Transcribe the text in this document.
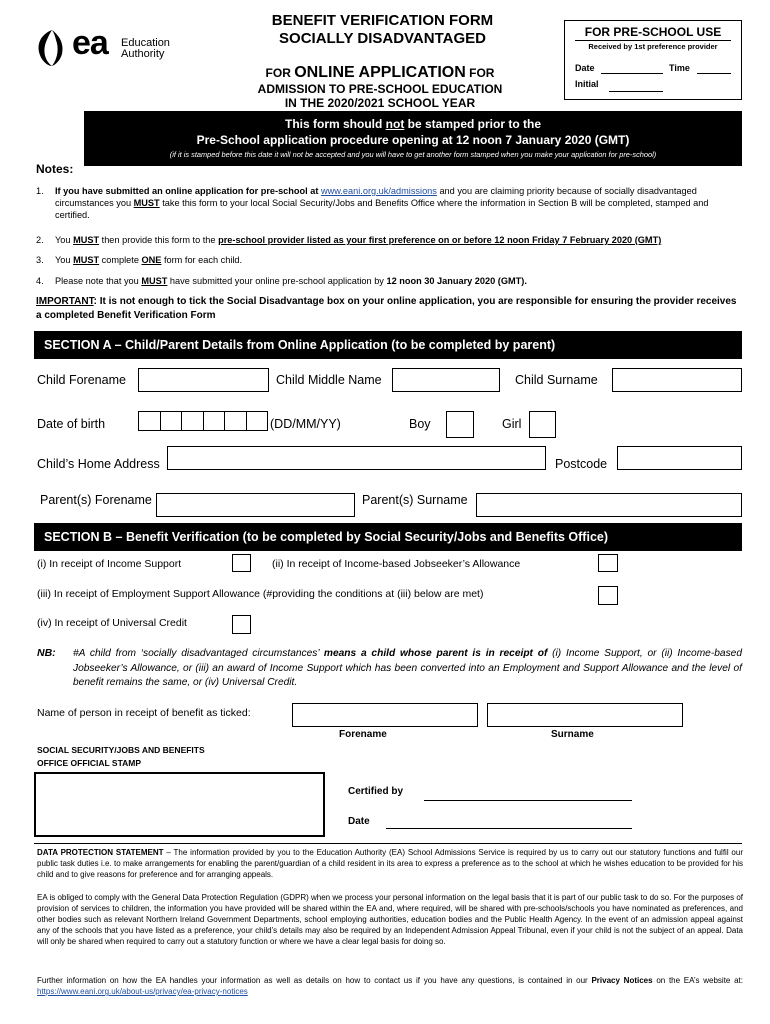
ea Education
Authority
BENEFIT VERIFICATION FORM
SOCIALLY DISADVANTAGED
FOR ONLINE APPLICATION FOR
ADMISSION TO PRE-SCHOOL EDUCATION
IN THE 2020/2021 SCHOOL YEAR
FOR PRE-SCHOOL USE
Received by 1st preference provider
Date	Time
Initial
This form should not be stamped prior to the
Pre-School application procedure opening at 12 noon 7 January 2020 (GMT)
(if it is stamped before this date it will not be accepted and you will have to get another form stamped when you make your application for pre-school)
Notes:
1. If you have submitted an online application for pre-school at www.eani.org.uk/admissions and you are claiming priority because of socially disadvantaged circumstances you MUST take this form to your local Social Security/Jobs and Benefits Office where the information in Section B will be completed, stamped and certified.
2. You MUST then provide this form to the pre-school provider listed as your first preference on or before 12 noon Friday 7 February 2020 (GMT)
3. You MUST complete ONE form for each child.
4. Please note that you MUST have submitted your online pre-school application by 12 noon 30 January 2020 (GMT).
IMPORTANT: It is not enough to tick the Social Disadvantage box on your online application, you are responsible for ensuring the provider receives a completed Benefit Verification Form
SECTION A – Child/Parent Details from Online Application (to be completed by parent)
Child Forename	Child Middle Name	Child Surname
Date of birth	(DD/MM/YY)	Boy	Girl
Child’s Home Address	Postcode
Parent(s) Forename	Parent(s) Surname
SECTION B – Benefit Verification (to be completed by Social Security/Jobs and Benefits Office)
(i) In receipt of Income Support	(ii) In receipt of Income-based Jobseeker’s Allowance
(iii) In receipt of Employment Support Allowance (#providing the conditions at (iii) below are met)
(iv) In receipt of Universal Credit
NB: #A child from ‘socially disadvantaged circumstances’ means a child whose parent is in receipt of (i) Income Support, or (ii) Income-based Jobseeker’s Allowance, or (iii) an award of Income Support which has been converted into an Employment and Support Allowance and the level of benefit remains the same, or (iv) Universal Credit.
Name of person in receipt of benefit as ticked:
Forename	Surname
SOCIAL SECURITY/JOBS AND BENEFITS
OFFICE OFFICIAL STAMP
Certified by
Date
DATA PROTECTION STATEMENT – The information provided by you to the Education Authority (EA) School Admissions Service is required by us to carry out our statutory functions and fulfil our public task duties i.e. to make arrangements for enabling the parent/guardian of a child resident in its area to express a preference as to the school at which he wishes education to be provided for his child and to give reasons for preference and for arranging appeals.
EA is obliged to comply with the General Data Protection Regulation (GDPR) when we process your personal information on the legal basis that it is part of our public task to do so. For the purposes of provision of services to children, the information you have provided will be shared within the EA and, where required, will be shared with pre-schools/schools you have nominated as preferences, and other bodies such as relevant Northern Ireland Government Departments, school employing authorities, education bodies and the Public Health Agency. In the event of an admission appeal against any of the schools that you have listed as a preference, your child’s details may also be required by an Independent Admission Appeal Tribunal, even if your child is not the subject of an appeal. Data will only be shared when required to carry out a statutory function or where we have a clear legal basis for doing so.
Further information on how the EA handles your information as well as details on how to contact us if you have any questions, is contained in our Privacy Notices on the EA’s website at: https://www.eani.org.uk/about-us/privacy/ea-privacy-notices
